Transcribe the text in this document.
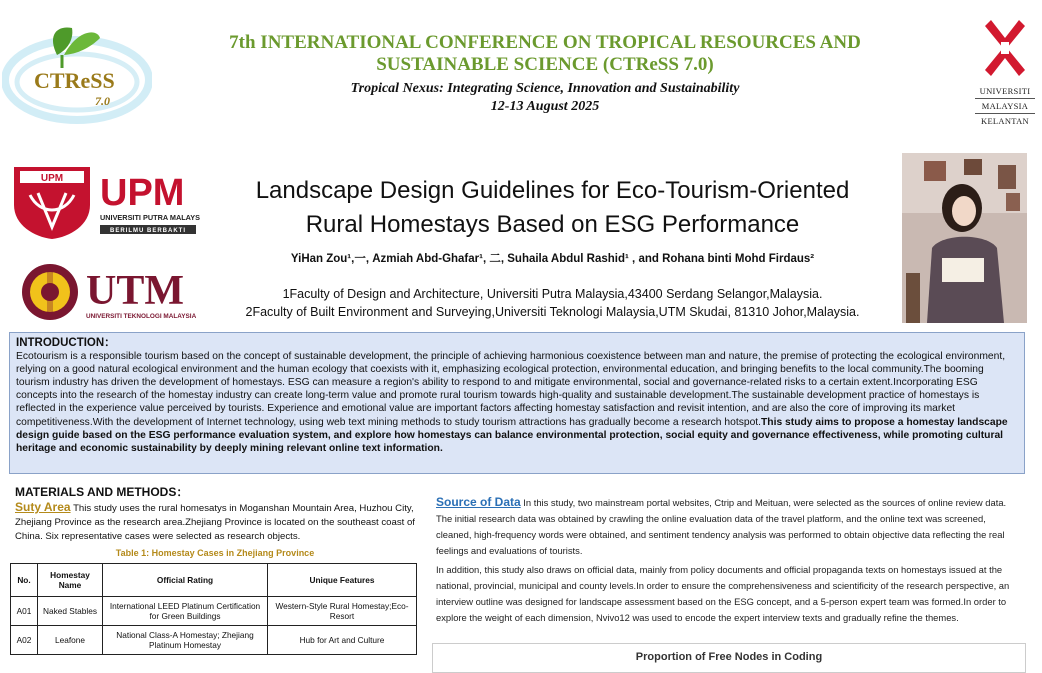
CTReSS
7.0
7th INTERNATIONAL CONFERENCE ON TROPICAL RESOURCES AND
SUSTAINABLE SCIENCE (CTReSS 7.0)
Tropical Nexus: Integrating Science, Innovation and Sustainability
12-13 August 2025
UNIVERSITI
MALAYSIA
KELANTAN
UPM UPM
UNIVERSITI PUTRA MALAYSIA
BERILMU BERBAKTI
UTM
UNIVERSITI TEKNOLOGI MALAYSIA
Landscape Design Guidelines for Eco-Tourism-Oriented
Rural Homestays Based on ESG Performance
YiHan Zou¹,一, Azmiah Abd-Ghafar¹, 二, Suhaila Abdul Rashid¹ , and Rohana binti Mohd Firdaus²
1Faculty of Design and Architecture, Universiti Putra Malaysia,43400 Serdang Selangor,Malaysia.
2Faculty of Built Environment and Surveying,Universiti Teknologi Malaysia,UTM Skudai, 81310 Johor,Malaysia.
INTRODUCTION：
Ecotourism is a responsible tourism based on the concept of sustainable development, the principle of achieving harmonious coexistence between man and nature, the premise of protecting the ecological environment, relying on a good natural ecological environment and the human ecology that coexists with it, emphasizing ecological protection, environmental education, and bringing benefits to the local community.The booming tourism industry has driven the development of homestays. ESG can measure a region's ability to respond to and mitigate environmental, social and governance-related risks to a certain extent.Incorporating ESG concepts into the research of the homestay industry can create long-term value and promote rural tourism towards high-quality and sustainable development.The sustainable development practice of homestays is reflected in the experience value perceived by tourists. Experience and emotional value are important factors affecting homestay satisfaction and revisit intention, and are also the core of improving its market competitiveness.With the development of Internet technology, using web text mining methods to study tourism attractions has gradually become a research hotspot.This study aims to propose a homestay landscape design guide based on the ESG performance evaluation system, and explore how homestays can balance environmental protection, social equity and governance effectiveness, while promoting cultural heritage and economic sustainability by deeply mining relevant online text information.
MATERIALS AND METHODS：
Suty Area This study uses the rural homesatys in Moganshan Mountain Area, Huzhou City, Zhejiang Province as the research area.Zhejiang Province is located on the southeast coast of China. Six representative cases were selected as research objects.
Table 1: Homestay Cases in Zhejiang Province
No.	Homestay Name	Official Rating	Unique Features
A01	Naked Stables	International LEED Platinum Certification for Green Buildings	Western-Style Rural Homestay;Eco-Resort
A02	Leafone	National Class-A Homestay; Zhejiang Platinum Homestay	Hub for Art and Culture
Source of Data In this study, two mainstream portal websites, Ctrip and Meituan, were selected as the sources of online review data. The initial research data was obtained by crawling the online evaluation data of the travel platform, and the online text was screened, cleaned, high-frequency words were obtained, and sentiment tendency analysis was performed to obtain objective data reflecting the real feelings and evaluations of tourists.
In addition, this study also draws on official data, mainly from policy documents and official propaganda texts on homestays issued at the national, provincial, municipal and county levels.In order to ensure the comprehensiveness and scientificity of the research perspective, an interview outline was designed for landscape assessment based on the ESG concept, and a 5-person expert team was formed.In order to explore the weight of each dimension, Nvivo12 was used to encode the expert interview texts and gradually refine the themes.
Proportion of Free Nodes in Coding
